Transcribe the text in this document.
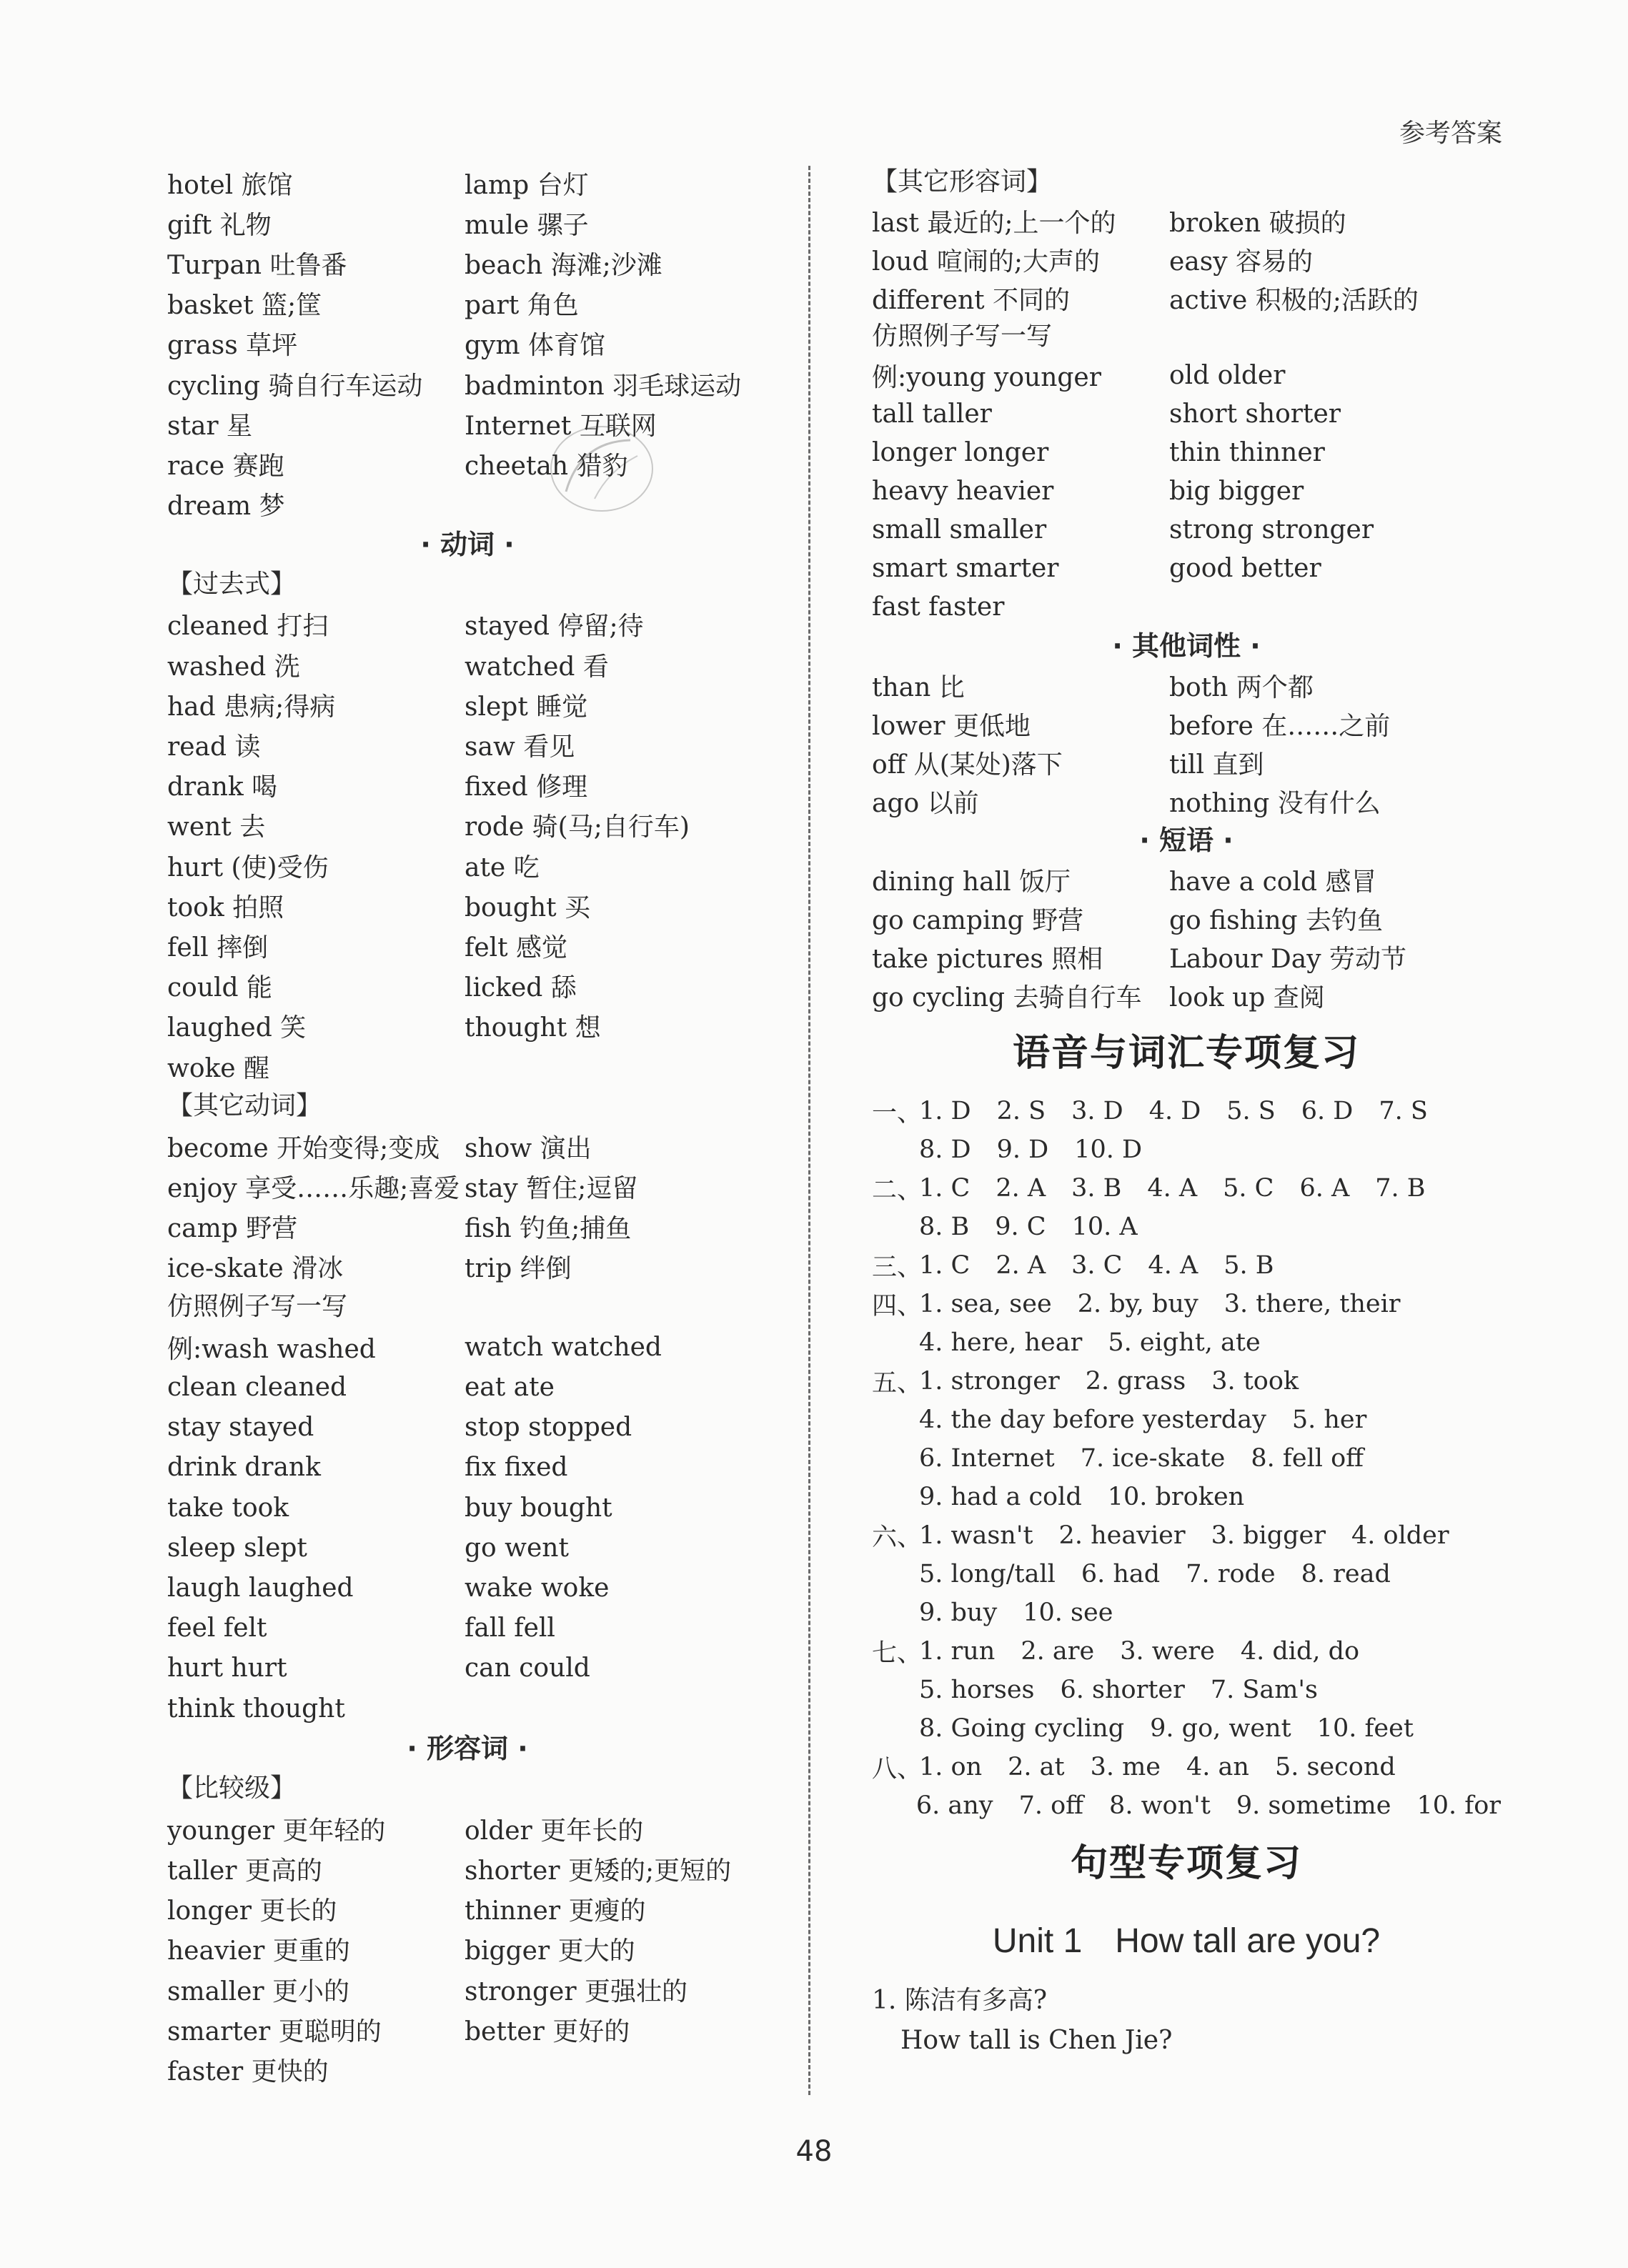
参考答案
hotel 旅馆	lamp 台灯
gift 礼物	mule 骡子
Turpan 吐鲁番	beach 海滩;沙滩
basket 篮;筐	part 角色
grass 草坪	gym 体育馆
cycling 骑自行车运动	badminton 羽毛球运动
star 星	Internet 互联网
race 赛跑	cheetah 猎豹
dream 梦
· 动词 ·
【过去式】
cleaned 打扫	stayed 停留;待
washed 洗	watched 看
had 患病;得病	slept 睡觉
read 读	saw 看见
drank 喝	fixed 修理
went 去	rode 骑(马;自行车)
hurt (使)受伤	ate 吃
took 拍照	bought 买
fell 摔倒	felt 感觉
could 能	licked 舔
laughed 笑	thought 想
woke 醒
【其它动词】
become 开始变得;变成 show 演出
enjoy 享受……乐趣;喜爱 stay 暂住;逗留
camp 野营	fish 钓鱼;捕鱼
ice-skate 滑冰	trip 绊倒
仿照例子写一写
例:wash washed	watch watched
clean cleaned	eat ate
stay stayed	stop stopped
drink drank	fix fixed
take took	buy bought
sleep slept	go went
laugh laughed	wake woke
feel felt	fall fell
hurt hurt	can could
think thought
· 形容词 ·
【比较级】
younger 更年轻的	older 更年长的
taller 更高的	shorter 更矮的;更短的
longer 更长的	thinner 更瘦的
heavier 更重的	bigger 更大的
smaller 更小的	stronger 更强壮的
smarter 更聪明的	better 更好的
faster 更快的
【其它形容词】
last 最近的;上一个的	broken 破损的
loud 喧闹的;大声的	easy 容易的
different 不同的	active 积极的;活跃的
仿照例子写一写
例:young younger	old older
tall taller	short shorter
longer longer	thin thinner
heavy heavier	big bigger
small smaller	strong stronger
smart smarter	good better
fast faster
· 其他词性 ·
than 比	both 两个都
lower 更低地	before 在……之前
off 从(某处)落下	till 直到
ago 以前	nothing 没有什么
· 短语 ·
dining hall 饭厅	have a cold 感冒
go camping 野营	go fishing 去钓鱼
take pictures 照相	Labour Day 劳动节
go cycling 去骑自行车	look up 查阅
语音与词汇专项复习
一、
1. D 2. S 3. D 4. D 5. S 6. D 7. S
8. D 9. D 10. D
二、
1. C 2. A 3. B 4. A 5. C 6. A 7. B
8. B 9. C 10. A
三、
1. C 2. A 3. C 4. A 5. B
四、
1. sea, see 2. by, buy 3. there, their
4. here, hear 5. eight, ate
五、
1. stronger 2. grass 3. took
4. the day before yesterday 5. her
6. Internet 7. ice-skate 8. fell off
9. had a cold 10. broken
六、
1. wasn't 2. heavier 3. bigger 4. older
5. long/tall 6. had 7. rode 8. read
9. buy 10. see
七、
1. run 2. are 3. were 4. did, do
5. horses 6. shorter 7. Sam's
8. Going cycling 9. go, went 10. feet
八、
1. on 2. at 3. me 4. an 5. second
6. any 7. off 8. won't 9. sometime 10. for
句型专项复习
Unit 1 How tall are you?
1. 陈洁有多高?
How tall is Chen Jie?
48
